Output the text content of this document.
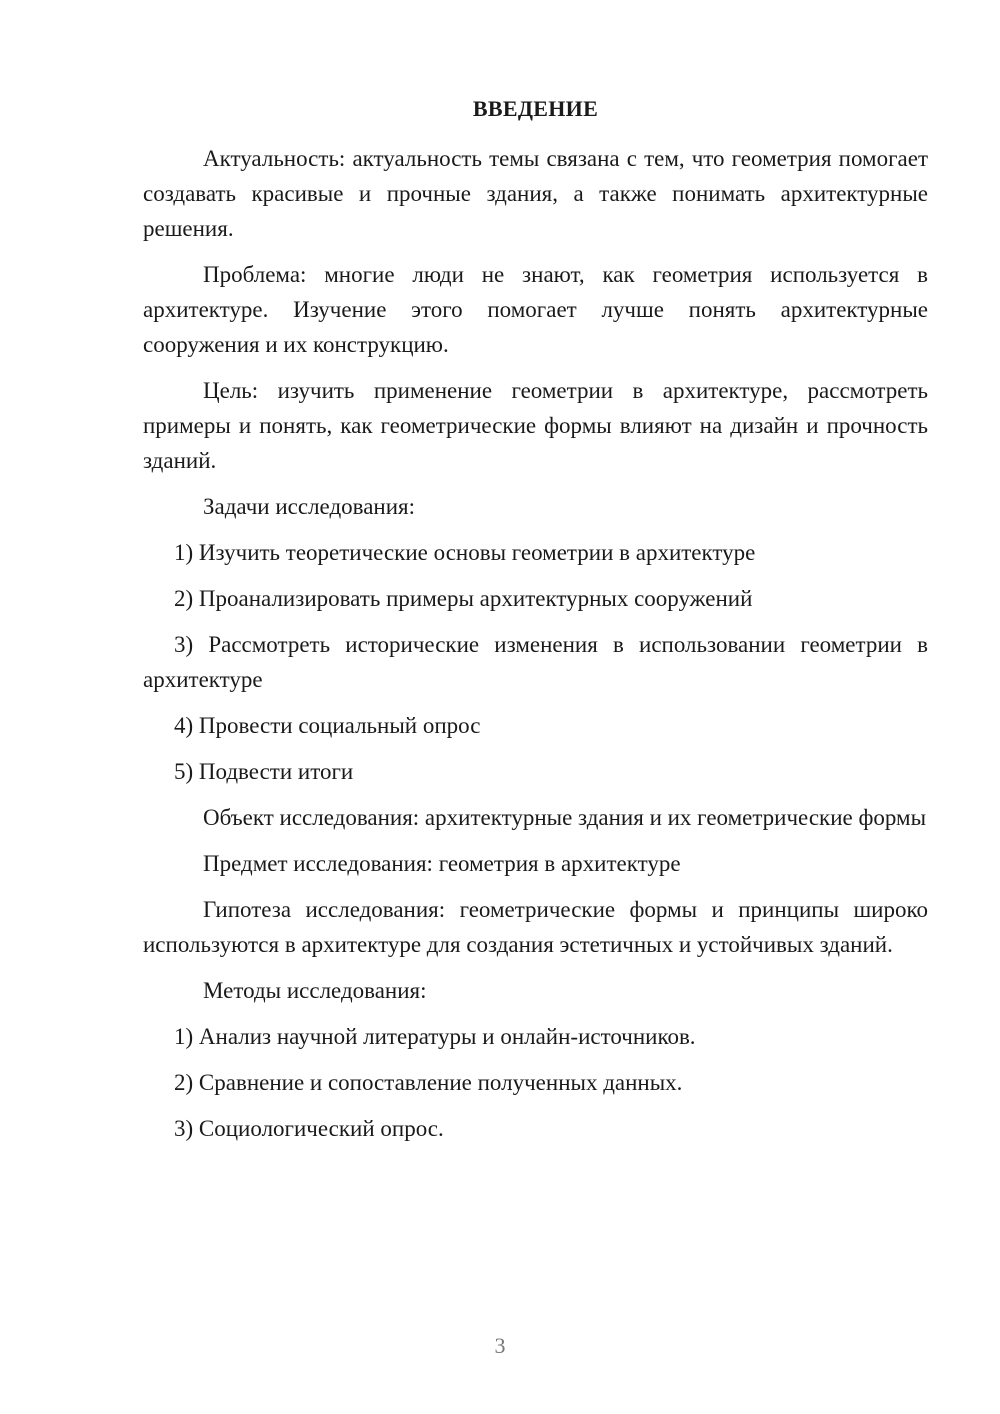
ВВЕДЕНИЕ

Актуальность: актуальность темы связана с тем, что геометрия помогает создавать красивые и прочные здания, а также понимать архитектурные решения.

Проблема: многие люди не знают, как геометрия используется в архитектуре. Изучение этого помогает лучше понять архитектурные сооружения и их конструкцию.

Цель: изучить применение геометрии в архитектуре, рассмотреть примеры и понять, как геометрические формы влияют на дизайн и прочность зданий.

Задачи исследования:

1) Изучить теоретические основы геометрии в архитектуре

2) Проанализировать примеры архитектурных сооружений

3) Рассмотреть исторические изменения в использовании геометрии в архитектуре

4) Провести социальный опрос

5) Подвести итоги

Объект исследования: архитектурные здания и их геометрические формы

Предмет исследования: геометрия в архитектуре

Гипотеза исследования: геометрические формы и принципы широко используются в архитектуре для создания эстетичных и устойчивых зданий.

Методы исследования:

1) Анализ научной литературы и онлайн-источников.

2) Сравнение и сопоставление полученных данных.

3) Социологический опрос.

3
